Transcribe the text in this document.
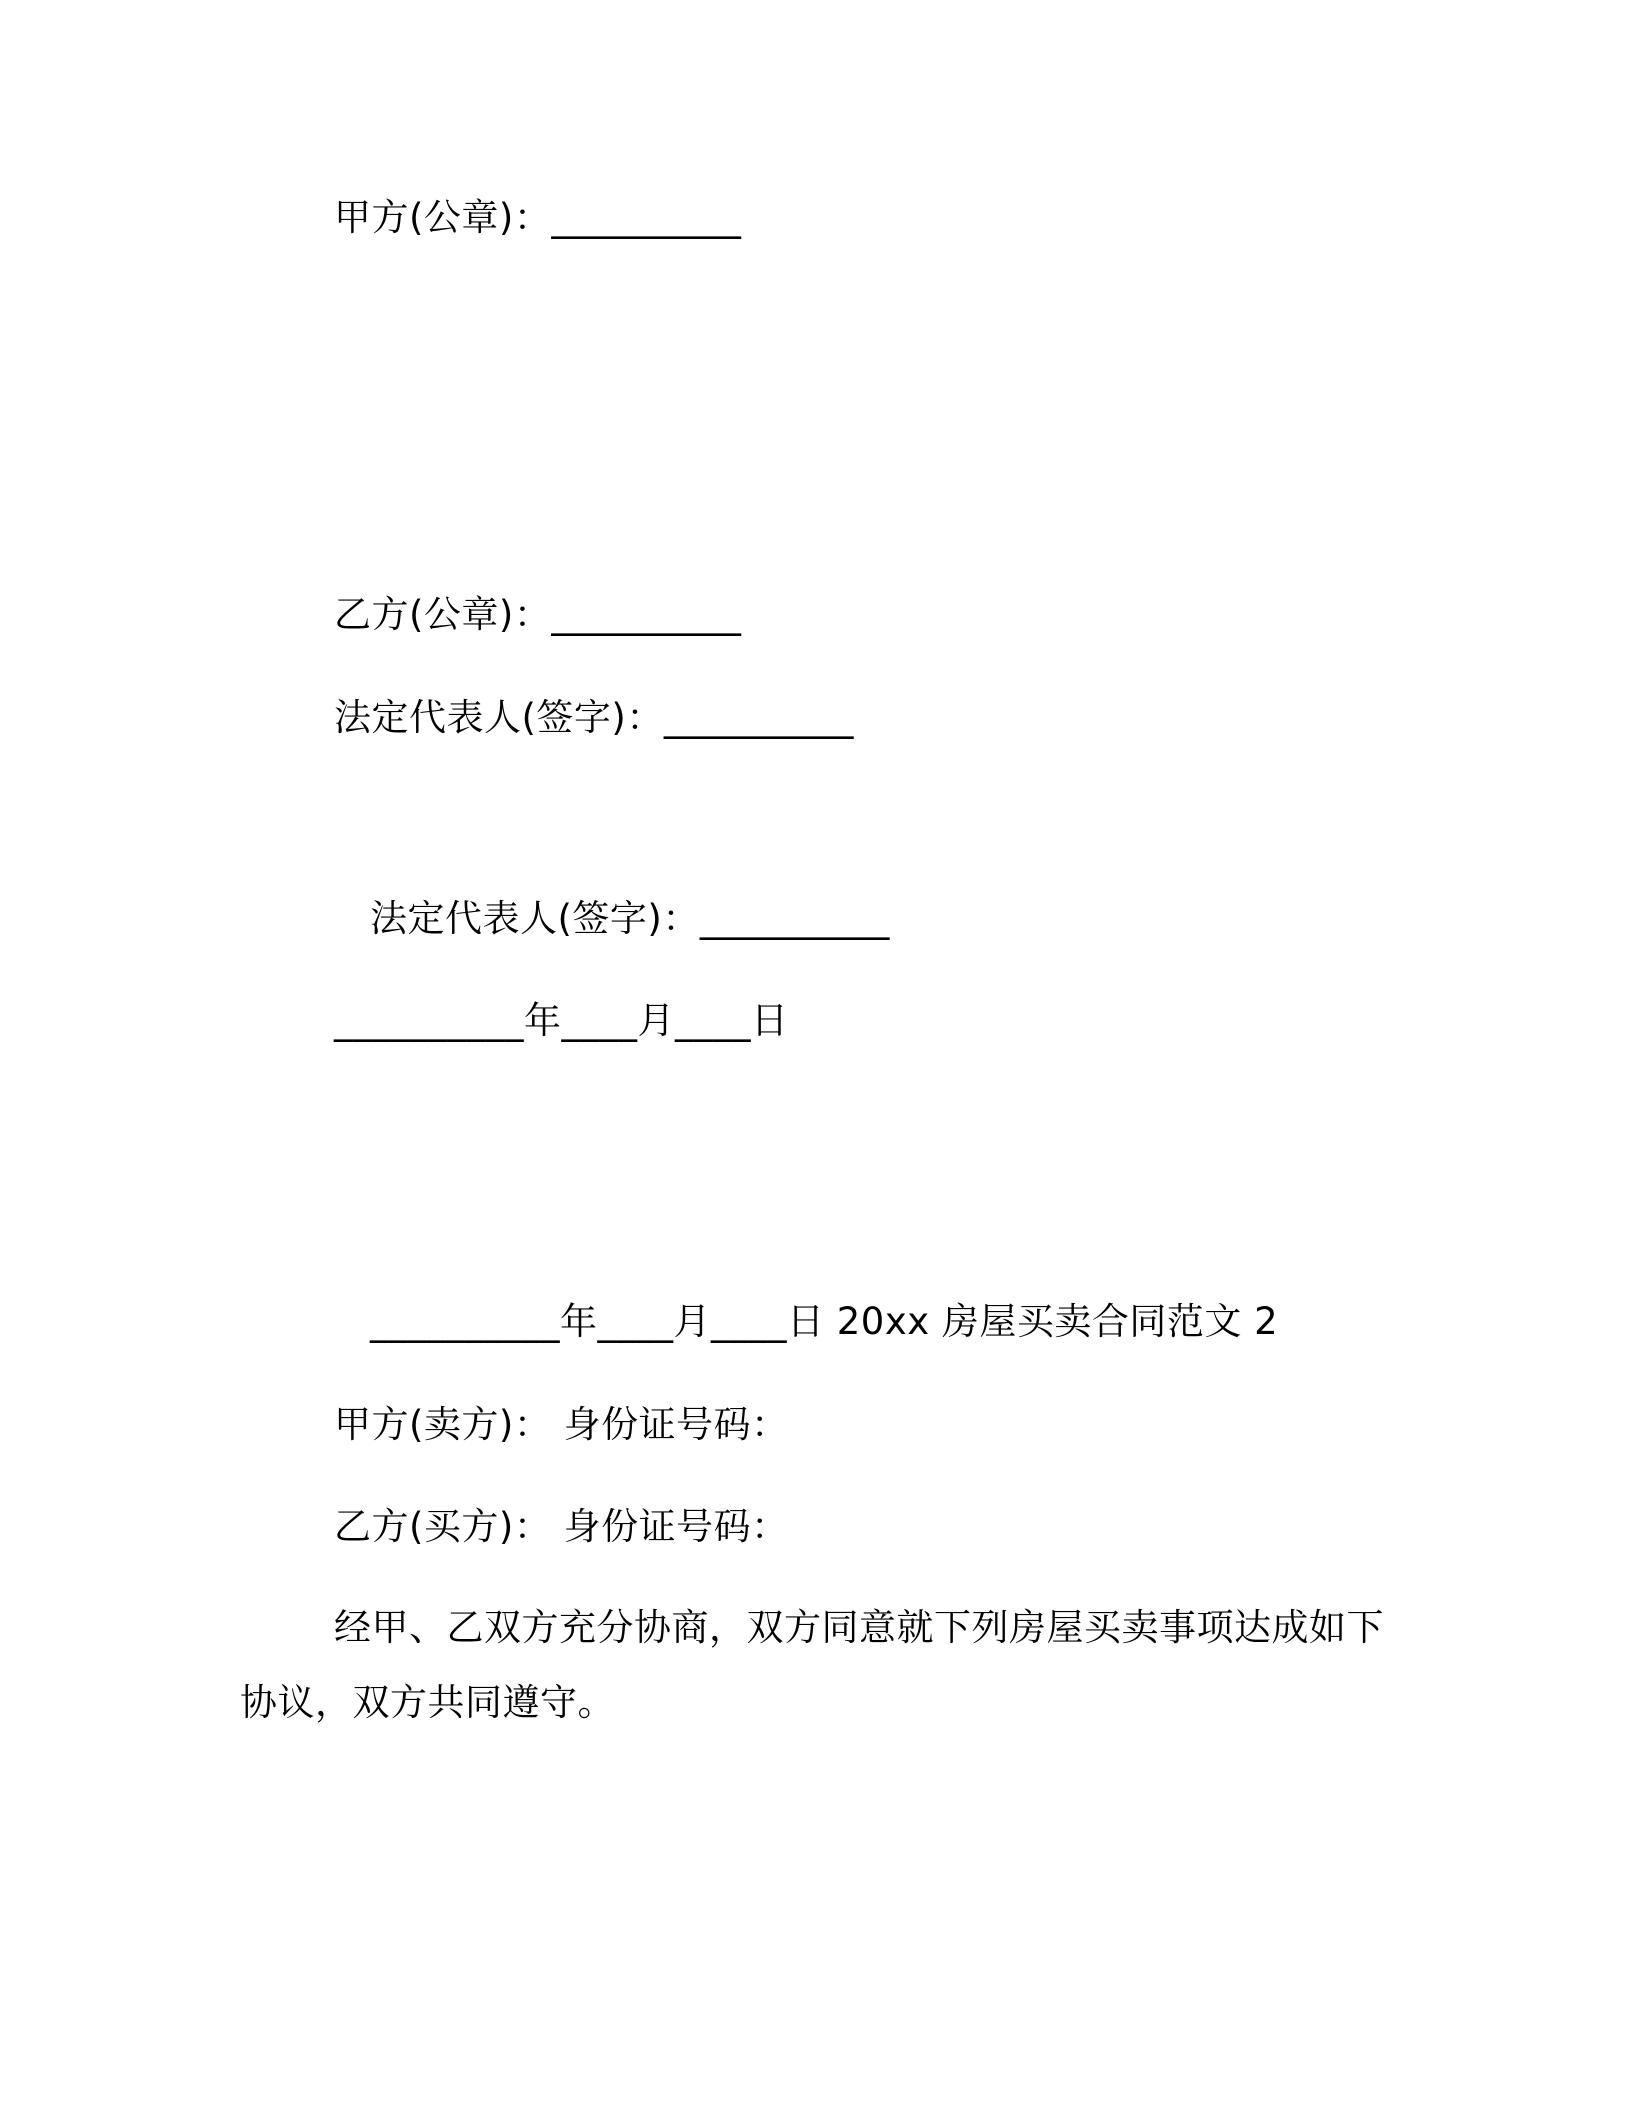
甲方(公章)：__________
乙方(公章)：__________
法定代表人(签字)：__________
法定代表人(签字)：__________
__________年____月____日
__________年____月____日 20xx 房屋买卖合同范文 2
甲方(卖方)： 身份证号码：
乙方(买方)： 身份证号码：
经甲、乙双方充分协商，双方同意就下列房屋买卖事项达成如下
协议，双方共同遵守。
